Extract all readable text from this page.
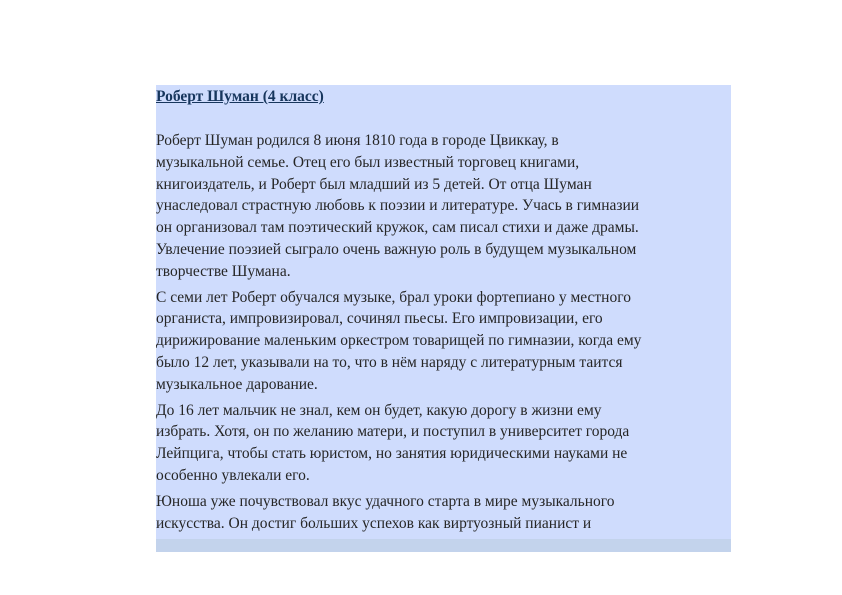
Роберт Шуман (4 класс)

Роберт Шуман родился 8 июня 1810 года в городе Цвиккау, в
музыкальной семье. Отец его был известный торговец книгами,
книгоиздатель, и Роберт был младший из 5 детей. От отца Шуман
унаследовал страстную любовь к поэзии и литературе. Учась в гимназии
он организовал там поэтический кружок, сам писал стихи и даже драмы.
Увлечение поэзией сыграло очень важную роль в будущем музыкальном
творчестве Шумана.

С семи лет Роберт обучался музыке, брал уроки фортепиано у местного
органиста, импровизировал, сочинял пьесы. Его импровизации, его
дирижирование маленьким оркестром товарищей по гимназии, когда ему
было 12 лет, указывали на то, что в нём наряду с литературным таится
музыкальное дарование.

До 16 лет мальчик не знал, кем он будет, какую дорогу в жизни ему
избрать. Хотя, он по желанию матери, и поступил в университет города
Лейпцига, чтобы стать юристом, но занятия юридическими науками не
особенно увлекали его.

Юноша уже почувствовал вкус удачного старта в мире музыкального
искусства. Он достиг больших успехов как виртуозный пианист и
